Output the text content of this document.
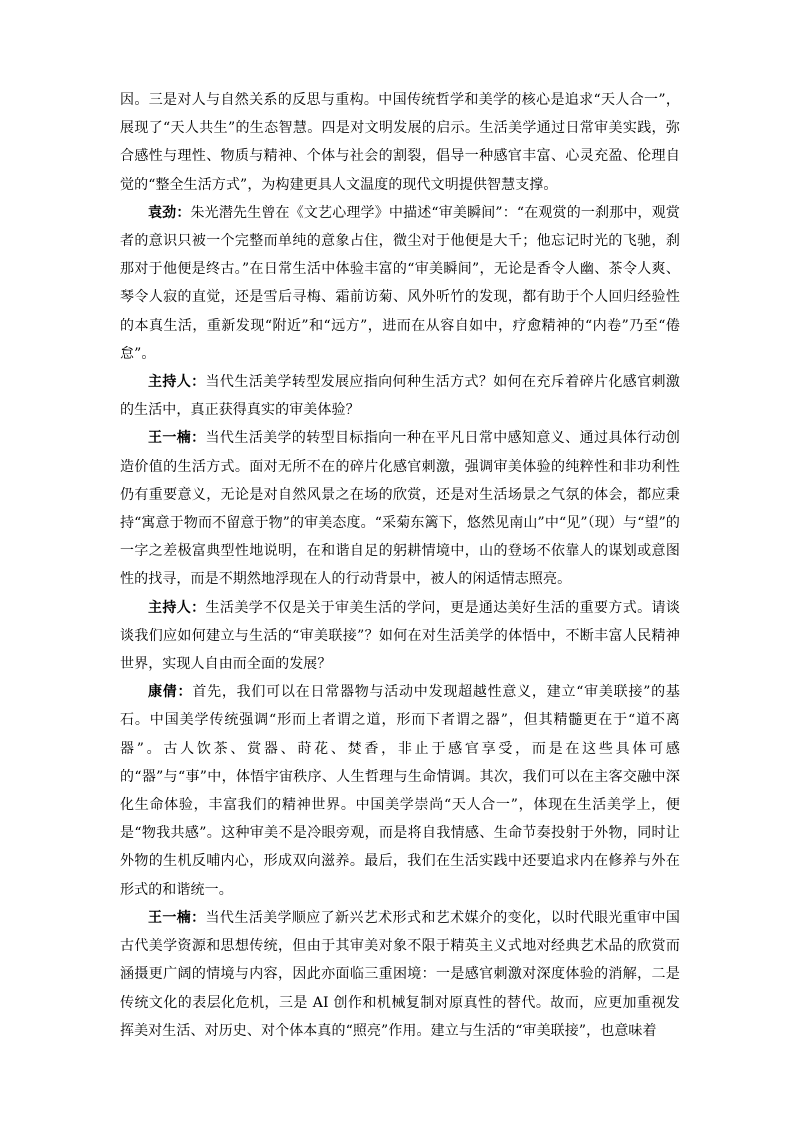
因。三是对人与自然关系的反思与重构。中国传统哲学和美学的核心是追求“天人合一”，展现了“天人共生”的生态智慧。四是对文明发展的启示。生活美学通过日常审美实践，弥合感性与理性、物质与精神、个体与社会的割裂，倡导一种感官丰富、心灵充盈、伦理自觉的“整全生活方式”，为构建更具人文温度的现代文明提供智慧支撑。

袁劲：朱光潜先生曾在《文艺心理学》中描述“审美瞬间”：“在观赏的一刹那中，观赏者的意识只被一个完整而单纯的意象占住，微尘对于他便是大千；他忘记时光的飞驰，刹那对于他便是终古。”在日常生活中体验丰富的“审美瞬间”，无论是香令人幽、茶令人爽、琴令人寂的直觉，还是雪后寻梅、霜前访菊、风外听竹的发现，都有助于个人回归经验性的本真生活，重新发现“附近”和“远方”，进而在从容自如中，疗愈精神的“内卷”乃至“倦怠”。

主持人：当代生活美学转型发展应指向何种生活方式？如何在充斥着碎片化感官刺激的生活中，真正获得真实的审美体验？

王一楠：当代生活美学的转型目标指向一种在平凡日常中感知意义、通过具体行动创造价值的生活方式。面对无所不在的碎片化感官刺激，强调审美体验的纯粹性和非功利性仍有重要意义，无论是对自然风景之在场的欣赏，还是对生活场景之气氛的体会，都应秉持“寓意于物而不留意于物”的审美态度。“采菊东篱下，悠然见南山”中“见”（现）与“望”的一字之差极富典型性地说明，在和谐自足的躬耕情境中，山的登场不依靠人的谋划或意图性的找寻，而是不期然地浮现在人的行动背景中，被人的闲适情志照亮。

主持人：生活美学不仅是关于审美生活的学问，更是通达美好生活的重要方式。请谈谈我们应如何建立与生活的“审美联接”？如何在对生活美学的体悟中，不断丰富人民精神世界，实现人自由而全面的发展？

康倩：首先，我们可以在日常器物与活动中发现超越性意义，建立“审美联接”的基石。中国美学传统强调“形而上者谓之道，形而下者谓之器”，但其精髓更在于“道不离器”。古人饮茶、赏器、莳花、焚香，非止于感官享受，而是在这些具体可感的“器”与“事”中，体悟宇宙秩序、人生哲理与生命情调。其次，我们可以在主客交融中深化生命体验，丰富我们的精神世界。中国美学崇尚“天人合一”，体现在生活美学上，便是“物我共感”。这种审美不是冷眼旁观，而是将自我情感、生命节奏投射于外物，同时让外物的生机反哺内心，形成双向滋养。最后，我们在生活实践中还要追求内在修养与外在形式的和谐统一。

王一楠：当代生活美学顺应了新兴艺术形式和艺术媒介的变化，以时代眼光重审中国古代美学资源和思想传统，但由于其审美对象不限于精英主义式地对经典艺术品的欣赏而涵摄更广阔的情境与内容，因此亦面临三重困境：一是感官刺激对深度体验的消解，二是传统文化的表层化危机，三是 AI 创作和机械复制对原真性的替代。故而，应更加重视发挥美对生活、对历史、对个体本真的“照亮”作用。建立与生活的“审美联接”，也意味着
